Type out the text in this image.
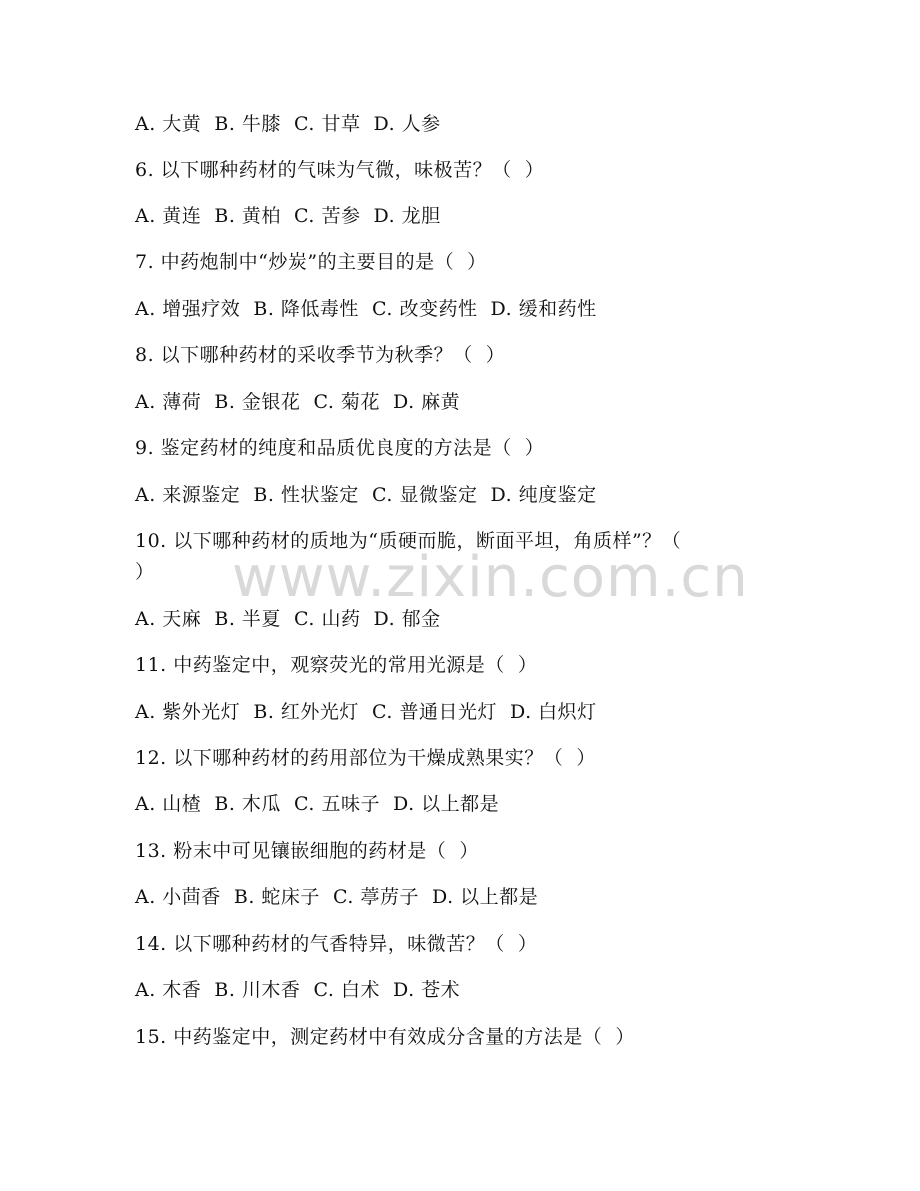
A. 大黄  B. 牛膝  C. 甘草  D. 人参
6. 以下哪种药材的气味为气微，味极苦？（  ）
A. 黄连  B. 黄柏  C. 苦参  D. 龙胆
7. 中药炮制中“炒炭”的主要目的是（  ）
A. 增强疗效  B. 降低毒性  C. 改变药性  D. 缓和药性
8. 以下哪种药材的采收季节为秋季？（  ）
A. 薄荷  B. 金银花  C. 菊花  D. 麻黄
9. 鉴定药材的纯度和品质优良度的方法是（  ）
A. 来源鉴定  B. 性状鉴定  C. 显微鉴定  D. 纯度鉴定
10. 以下哪种药材的质地为“质硬而脆，断面平坦，角质样”？（
）
A. 天麻  B. 半夏  C. 山药  D. 郁金
11. 中药鉴定中，观察荧光的常用光源是（  ）
A. 紫外光灯  B. 红外光灯  C. 普通日光灯  D. 白炽灯
12. 以下哪种药材的药用部位为干燥成熟果实？（  ）
A. 山楂  B. 木瓜  C. 五味子  D. 以上都是
13. 粉末中可见镶嵌细胞的药材是（  ）
A. 小茴香  B. 蛇床子  C. 葶苈子  D. 以上都是
14. 以下哪种药材的气香特异，味微苦？（  ）
A. 木香  B. 川木香  C. 白术  D. 苍术
15. 中药鉴定中，测定药材中有效成分含量的方法是（  ）
www.zixin.com.cn
